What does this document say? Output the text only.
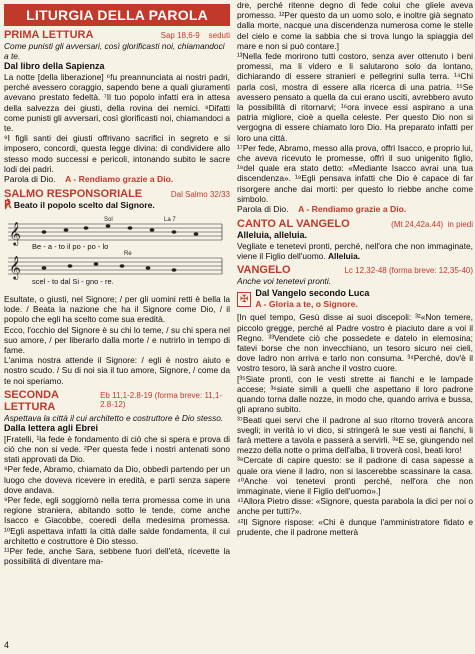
LITURGIA DELLA PAROLA
PRIMA LETTURA	Sap 18,6-9 seduti
Come punisti gli avversari, così glorificasti noi, chiamandoci a te.
Dal libro della Sapienza

La notte [della liberazione] ⁶fu preannunciata ai nostri padri, perché avessero coraggio, sapendo bene a quali giuramenti avevano prestato fedeltà. ⁷Il tuo popolo infatti era in attesa della salvezza dei giusti, della rovina dei nemici. ⁸Difatti come punisti gli avversari, così glorificasti noi, chiamandoci a te.

⁹I figli santi dei giusti offrivano sacrifici in segreto e si imposero, concordi, questa legge divina: di condividere allo stesso modo successi e pericoli, intonando subito le sacre lodi dei padri.

Parola di Dio. A - Rendiamo grazie a Dio.
SALMO RESPONSORIALE	Dal Salmo 32/33
℟ Beato il popolo scelto dal Signore.
𝄞
𝄞
Sol	La 7
Re
Be - a - to il po - po - lo
scel - to dal Si - gno - re.

Esultate, o giusti, nel Signore; / per gli uomini retti è bella la lode. / Beata la nazione che ha il Signore come Dio, / il popolo che egli ha scelto come sua eredità.

Ecco, l'occhio del Signore è su chi lo teme, / su chi spera nel suo amore, / per liberarlo dalla morte / e nutrirlo in tempo di fame.

L'anima nostra attende il Signore: / egli è nostro aiuto e nostro scudo. / Su di noi sia il tuo amore, Signore, / come da te noi speriamo.

SECONDA LETTURA
Eb 11,1-2.8-19 (forma breve: 11,1-2.8-12)
Aspettava la città il cui architetto e costruttore è Dio stesso.
Dalla lettera agli Ebrei

[Fratelli, ¹la fede è fondamento di ciò che si spera e prova di ciò che non si vede. ²Per questa fede i nostri antenati sono stati approvati da Dio.

⁸Per fede, Abramo, chiamato da Dio, obbedì partendo per un luogo che doveva ricevere in eredità, e partì senza sapere dove andava.

⁹Per fede, egli soggiornò nella terra promessa come in una regione straniera, abitando sotto le tende, come anche Isacco e Giacobbe, coeredi della medesima promessa. ¹⁰Egli aspettava infatti la città dalle salde fondamenta, il cui architetto e costruttore è Dio stesso.

¹¹Per fede, anche Sara, sebbene fuori dell'età, ricevette la possibilità di diventare ma-

dre, perché ritenne degno di fede colui che gliele aveva promesso. ¹²Per questo da un uomo solo, e inoltre già segnato dalla morte, nacque una discendenza numerosa come le stelle del cielo e come la sabbia che si trova lungo la spiaggia del mare e non si può contare.]

¹³Nella fede morirono tutti costoro, senza aver ottenuto i beni promessi, ma li videro e li salutarono solo da lontano, dichiarando di essere stranieri e pellegrini sulla terra. ¹⁴Chi parla così, mostra di essere alla ricerca di una patria. ¹⁵Se avessero pensato a quella da cui erano usciti, avrebbero avuto la possibilità di ritornarvi; ¹⁶ora invece essi aspirano a una patria migliore, cioè a quella celeste. Per questo Dio non si vergogna di essere chiamato loro Dio. Ha preparato infatti per loro una città.

¹⁷Per fede, Abramo, messo alla prova, offrì Isacco, e proprio lui, che aveva ricevuto le promesse, offrì il suo unigenito figlio, ¹⁸del quale era stato detto: «Mediante Isacco avrai una tua discendenza». ¹⁹Egli pensava infatti che Dio è capace di far risorgere anche dai morti: per questo lo riebbe anche come simbolo.

Parola di Dio. A - Rendiamo grazie a Dio.
CANTO AL VANGELO	(Mt 24,42a.44) in piedi
Alleluia, alleluia.

Vegliate e tenetevi pronti, perché, nell'ora che non immaginate, viene il Figlio dell'uomo. Alleluia.

VANGELO	Lc 12,32-48 (forma breve: 12,35-40)
Anche voi tenetevi pronti.
✠
Dal Vangelo secondo Luca
A - Gloria a te, o Signore.

[In quel tempo, Gesù disse ai suoi discepoli: ³²«Non temere, piccolo gregge, perché al Padre vostro è piaciuto dare a voi il Regno. ³³Vendete ciò che possedete e datelo in elemosina; fatevi borse che non invecchiano, un tesoro sicuro nei cieli, dove ladro non arriva e tarlo non consuma. ³⁴Perché, dov'è il vostro tesoro, là sarà anche il vostro cuore.

[³⁵Siate pronti, con le vesti strette ai fianchi e le lampade accese; ³⁶siate simili a quelli che aspettano il loro padrone quando torna dalle nozze, in modo che, quando arriva e bussa, gli aprano subito.

³⁷Beati quei servi che il padrone al suo ritorno troverà ancora svegli; in verità io vi dico, si stringerà le sue vesti ai fianchi, li farà mettere a tavola e passerà a servirli. ³⁸E se, giungendo nel mezzo della notte o prima dell'alba, li troverà così, beati loro!

³⁹Cercate di capire questo: se il padrone di casa sapesse a quale ora viene il ladro, non si lascerebbe scassinare la casa. ⁴⁰Anche voi tenetevi pronti perché, nell'ora che non immaginate, viene il Figlio dell'uomo».]

⁴¹Allora Pietro disse: «Signore, questa parabola la dici per noi o anche per tutti?».

⁴²Il Signore rispose: «Chi è dunque l'amministratore fidato e prudente, che il padrone metterà

4
